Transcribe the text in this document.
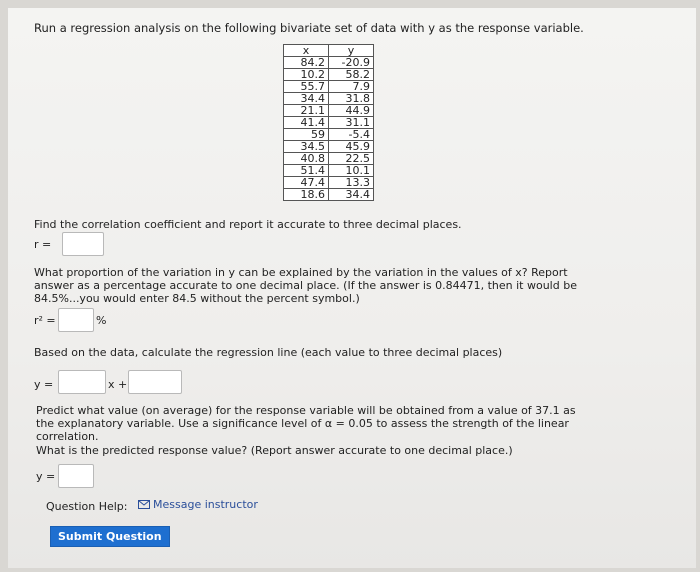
Run a regression analysis on the following bivariate set of data with y as the response variable.
x	y
84.2	-20.9
10.2	58.2
55.7	7.9
34.4	31.8
21.1	44.9
41.4	31.1
59	-5.4
34.5	45.9
40.8	22.5
51.4	10.1
47.4	13.3
18.6	34.4
Find the correlation coefficient and report it accurate to three decimal places.
r =
What proportion of the variation in y can be explained by the variation in the values of x? Report answer as a percentage accurate to one decimal place. (If the answer is 0.84471, then it would be 84.5%...you would enter 84.5 without the percent symbol.)
r² =	%
Based on the data, calculate the regression line (each value to three decimal places)
y =	x +
Predict what value (on average) for the response variable will be obtained from a value of 37.1 as the explanatory variable. Use a significance level of α = 0.05 to assess the strength of the linear correlation.
What is the predicted response value? (Report answer accurate to one decimal place.)
y =
Question Help: Message instructor
Submit Question
